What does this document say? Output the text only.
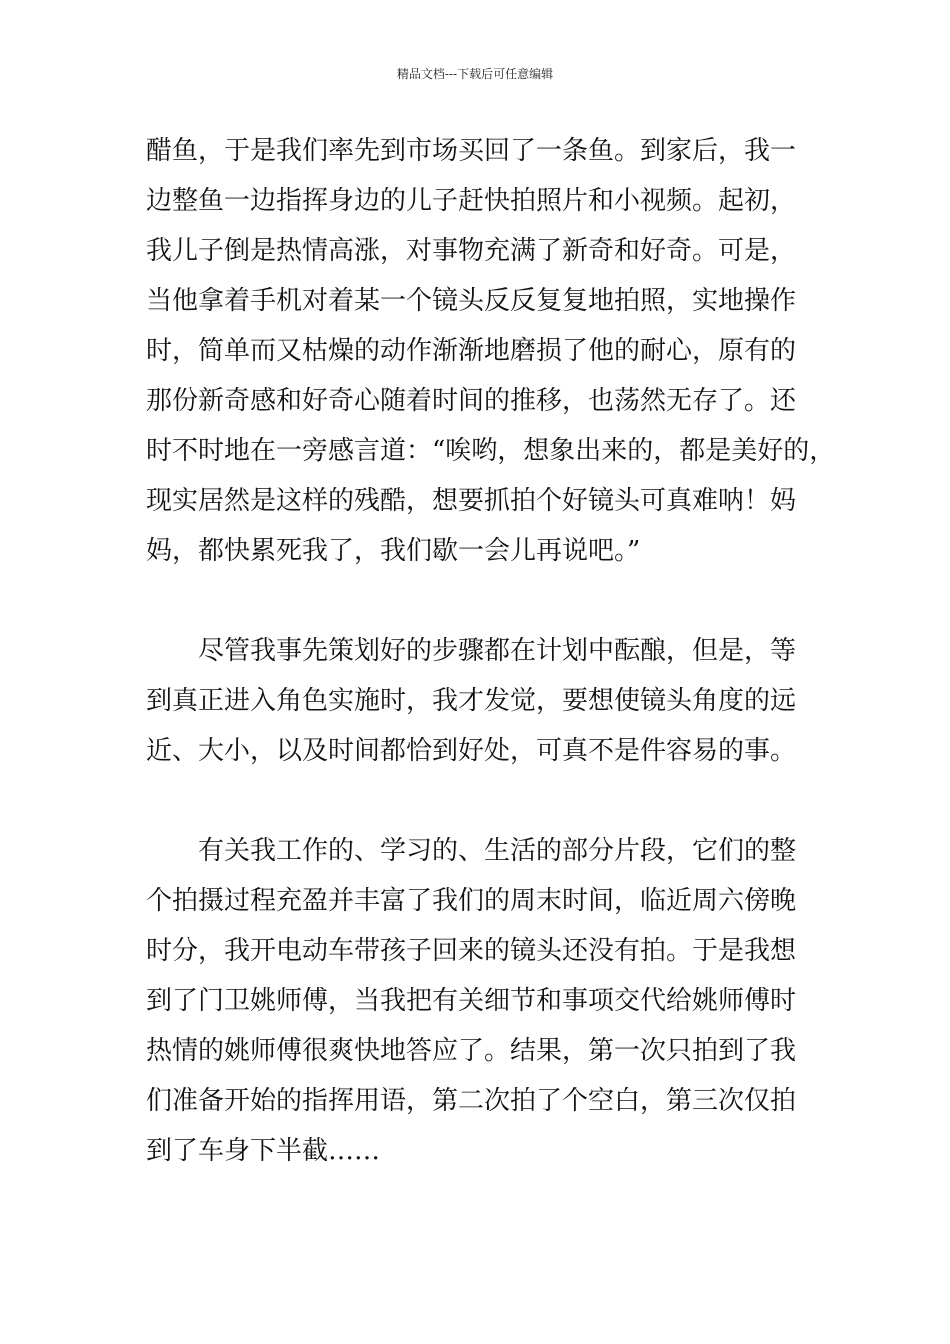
精品文档---下载后可任意编辑

醋鱼，于是我们率先到市场买回了一条鱼。到家后，我一
边整鱼一边指挥身边的儿子赶快拍照片和小视频。起初，
我儿子倒是热情高涨，对事物充满了新奇和好奇。可是，
当他拿着手机对着某一个镜头反反复复地拍照，实地操作
时，简单而又枯燥的动作渐渐地磨损了他的耐心，原有的
那份新奇感和好奇心随着时间的推移，也荡然无存了。还
时不时地在一旁感言道：“唉哟，想象出来的，都是美好的，
现实居然是这样的残酷，想要抓拍个好镜头可真难呐！妈
妈，都快累死我了，我们歇一会儿再说吧。”

　　尽管我事先策划好的步骤都在计划中酝酿，但是，等
到真正进入角色实施时，我才发觉，要想使镜头角度的远
近、大小，以及时间都恰到好处，可真不是件容易的事。

　　有关我工作的、学习的、生活的部分片段，它们的整
个拍摄过程充盈并丰富了我们的周末时间，临近周六傍晚
时分，我开电动车带孩子回来的镜头还没有拍。于是我想
到了门卫姚师傅，当我把有关细节和事项交代给姚师傅时
热情的姚师傅很爽快地答应了。结果，第一次只拍到了我
们准备开始的指挥用语，第二次拍了个空白，第三次仅拍
到了车身下半截……
